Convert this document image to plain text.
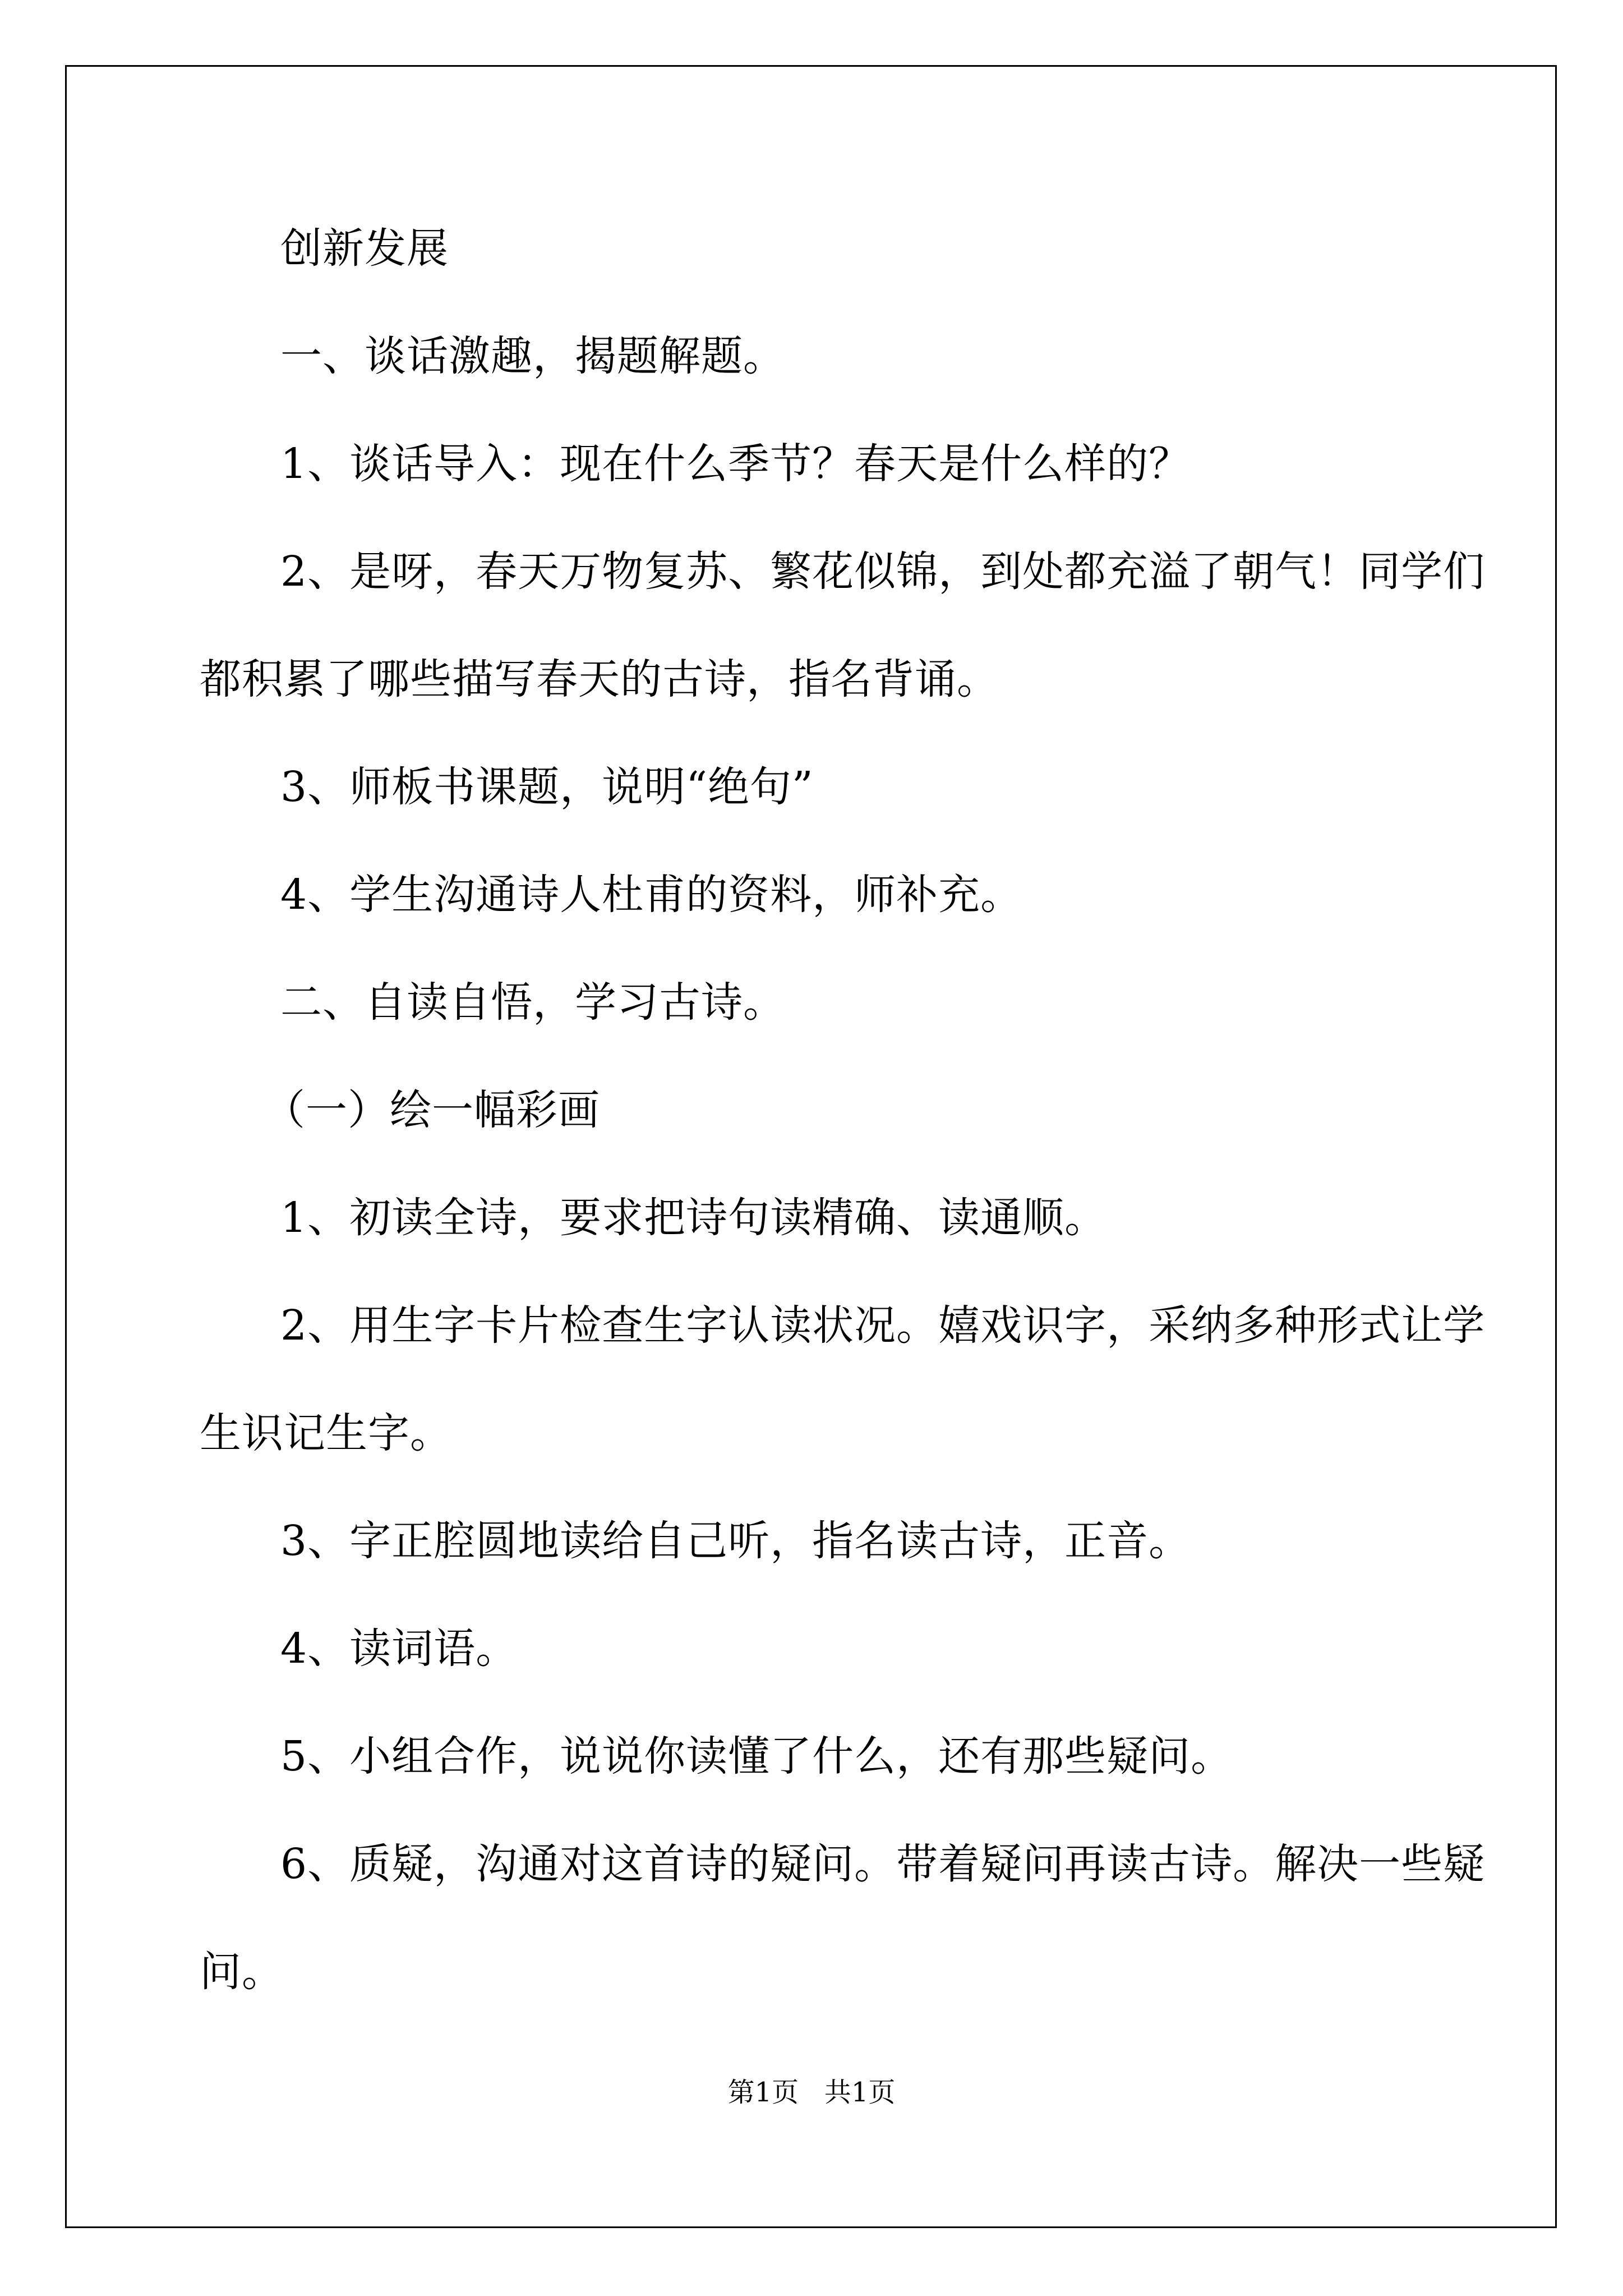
创新发展
一、谈话激趣，揭题解题。
1、谈话导入：现在什么季节？春天是什么样的？
2、是呀，春天万物复苏、繁花似锦，到处都充溢了朝气！同学们
都积累了哪些描写春天的古诗，指名背诵。
3、师板书课题，说明“绝句”
4、学生沟通诗人杜甫的资料，师补充。
二、自读自悟，学习古诗。
（一）绘一幅彩画
1、初读全诗，要求把诗句读精确、读通顺。
2、用生字卡片检查生字认读状况。嬉戏识字，采纳多种形式让学
生识记生字。
3、字正腔圆地读给自己听，指名读古诗，正音。
4、读词语。
5、小组合作，说说你读懂了什么，还有那些疑问。
6、质疑，沟通对这首诗的疑问。带着疑问再读古诗。解决一些疑
问。
第1页   共1页
